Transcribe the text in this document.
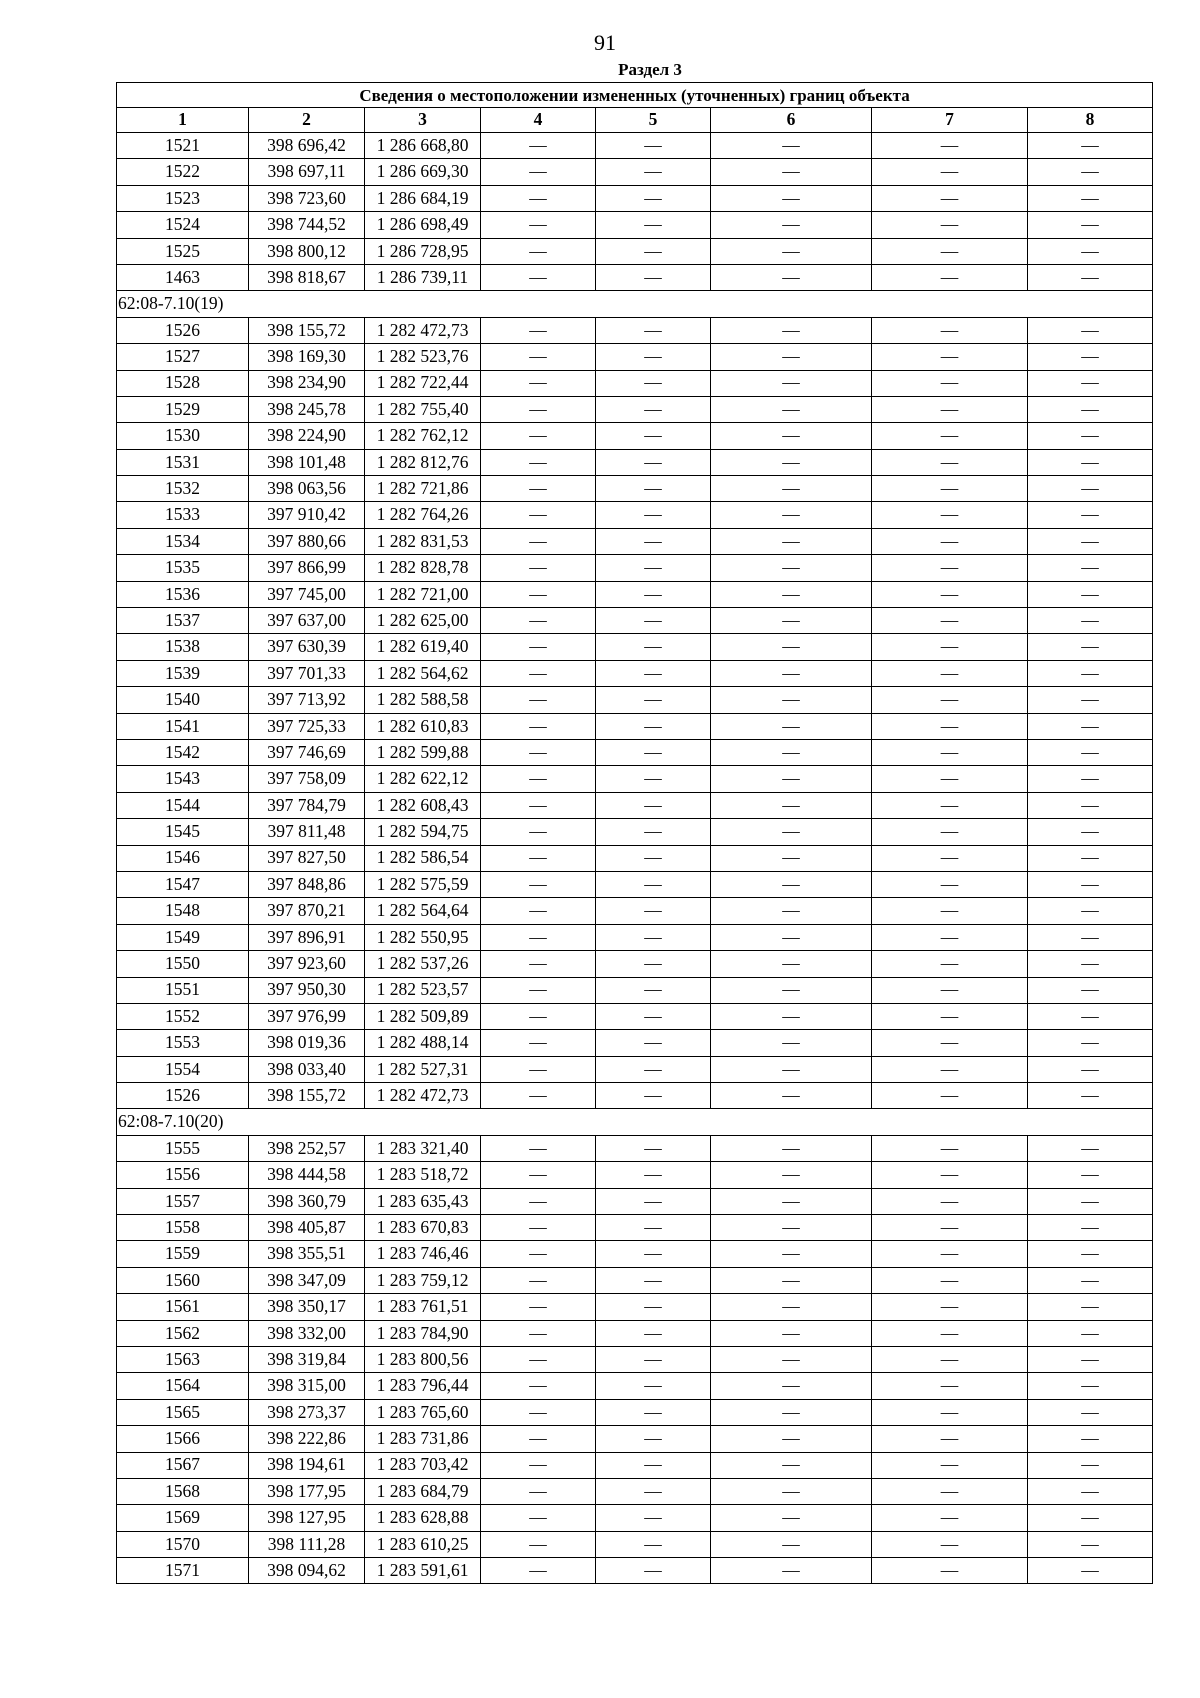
91
Раздел 3
Сведения о местоположении измененных (уточненных) границ объекта							
1	2	3	4	5	6	7	8
1521	398 696,42	1 286 668,80	—	—	—	—	—
1522	398 697,11	1 286 669,30	—	—	—	—	—
1523	398 723,60	1 286 684,19	—	—	—	—	—
1524	398 744,52	1 286 698,49	—	—	—	—	—
1525	398 800,12	1 286 728,95	—	—	—	—	—
1463	398 818,67	1 286 739,11	—	—	—	—	—
62:08-7.10(19)							
1526	398 155,72	1 282 472,73	—	—	—	—	—
1527	398 169,30	1 282 523,76	—	—	—	—	—
1528	398 234,90	1 282 722,44	—	—	—	—	—
1529	398 245,78	1 282 755,40	—	—	—	—	—
1530	398 224,90	1 282 762,12	—	—	—	—	—
1531	398 101,48	1 282 812,76	—	—	—	—	—
1532	398 063,56	1 282 721,86	—	—	—	—	—
1533	397 910,42	1 282 764,26	—	—	—	—	—
1534	397 880,66	1 282 831,53	—	—	—	—	—
1535	397 866,99	1 282 828,78	—	—	—	—	—
1536	397 745,00	1 282 721,00	—	—	—	—	—
1537	397 637,00	1 282 625,00	—	—	—	—	—
1538	397 630,39	1 282 619,40	—	—	—	—	—
1539	397 701,33	1 282 564,62	—	—	—	—	—
1540	397 713,92	1 282 588,58	—	—	—	—	—
1541	397 725,33	1 282 610,83	—	—	—	—	—
1542	397 746,69	1 282 599,88	—	—	—	—	—
1543	397 758,09	1 282 622,12	—	—	—	—	—
1544	397 784,79	1 282 608,43	—	—	—	—	—
1545	397 811,48	1 282 594,75	—	—	—	—	—
1546	397 827,50	1 282 586,54	—	—	—	—	—
1547	397 848,86	1 282 575,59	—	—	—	—	—
1548	397 870,21	1 282 564,64	—	—	—	—	—
1549	397 896,91	1 282 550,95	—	—	—	—	—
1550	397 923,60	1 282 537,26	—	—	—	—	—
1551	397 950,30	1 282 523,57	—	—	—	—	—
1552	397 976,99	1 282 509,89	—	—	—	—	—
1553	398 019,36	1 282 488,14	—	—	—	—	—
1554	398 033,40	1 282 527,31	—	—	—	—	—
1526	398 155,72	1 282 472,73	—	—	—	—	—
62:08-7.10(20)							
1555	398 252,57	1 283 321,40	—	—	—	—	—
1556	398 444,58	1 283 518,72	—	—	—	—	—
1557	398 360,79	1 283 635,43	—	—	—	—	—
1558	398 405,87	1 283 670,83	—	—	—	—	—
1559	398 355,51	1 283 746,46	—	—	—	—	—
1560	398 347,09	1 283 759,12	—	—	—	—	—
1561	398 350,17	1 283 761,51	—	—	—	—	—
1562	398 332,00	1 283 784,90	—	—	—	—	—
1563	398 319,84	1 283 800,56	—	—	—	—	—
1564	398 315,00	1 283 796,44	—	—	—	—	—
1565	398 273,37	1 283 765,60	—	—	—	—	—
1566	398 222,86	1 283 731,86	—	—	—	—	—
1567	398 194,61	1 283 703,42	—	—	—	—	—
1568	398 177,95	1 283 684,79	—	—	—	—	—
1569	398 127,95	1 283 628,88	—	—	—	—	—
1570	398 111,28	1 283 610,25	—	—	—	—	—
1571	398 094,62	1 283 591,61	—	—	—	—	—
